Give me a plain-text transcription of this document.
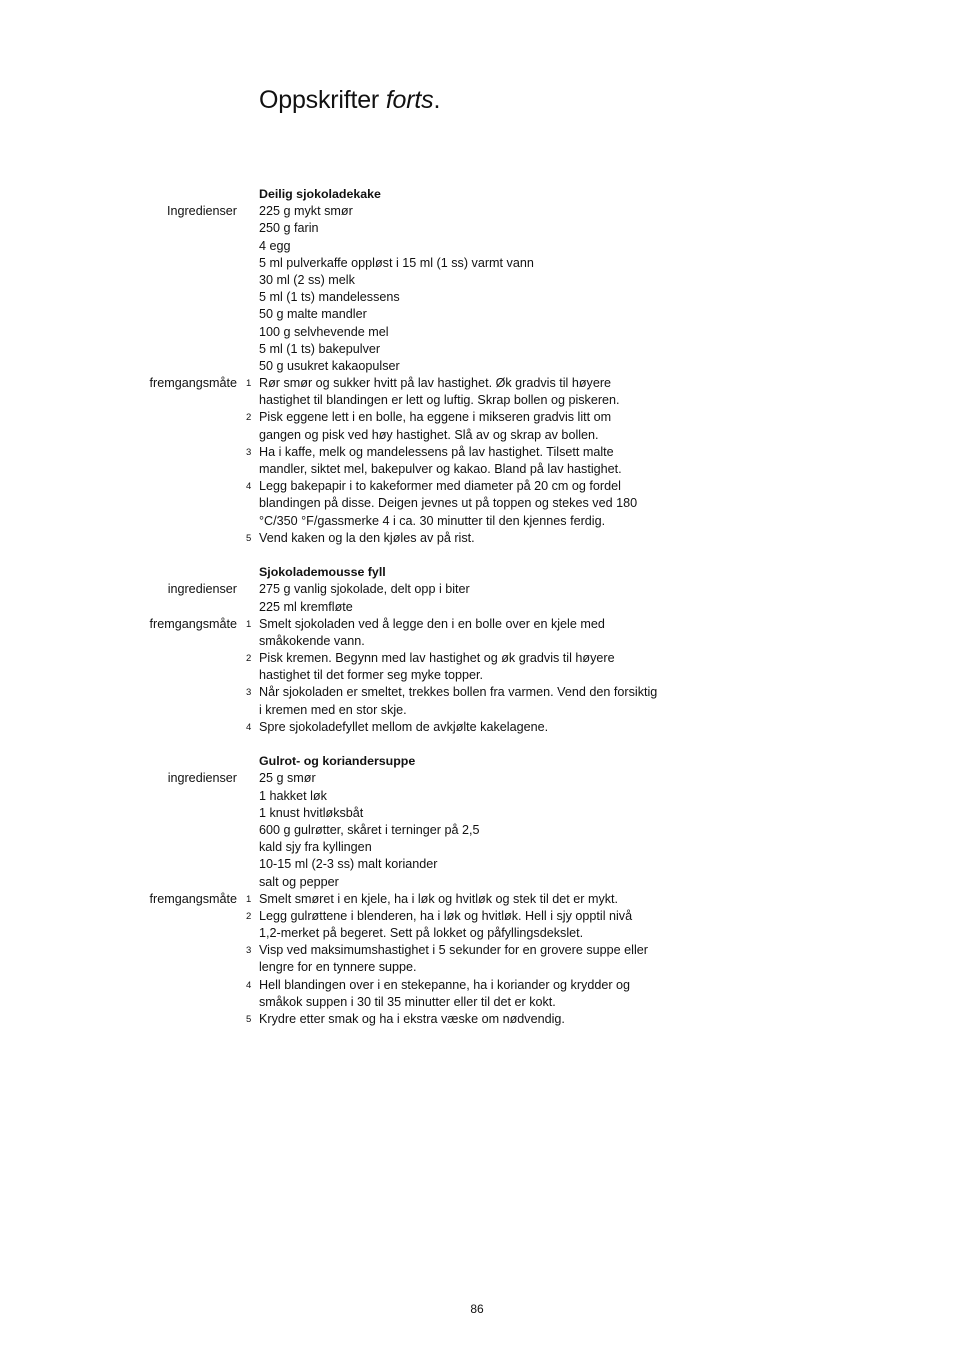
Oppskrifter forts.
Deilig sjokoladekake
Ingredienser 225 g mykt smør
250 g farin
4 egg
5 ml pulverkaffe oppløst i 15 ml (1 ss) varmt vann
30 ml (2 ss) melk
5 ml (1 ts) mandelessens
50 g malte mandler
100 g selvhevende mel
5 ml (1 ts) bakepulver
50 g usukret kakaopulser
fremgangsmåte 1 Rør smør og sukker hvitt på lav hastighet. Øk gradvis til høyere
hastighet til blandingen er lett og luftig. Skrap bollen og piskeren.
2 Pisk eggene lett i en bolle, ha eggene i mikseren gradvis litt om
gangen og pisk ved høy hastighet. Slå av og skrap av bollen.
3 Ha i kaffe, melk og mandelessens på lav hastighet. Tilsett malte
mandler, siktet mel, bakepulver og kakao. Bland på lav hastighet.
4 Legg bakepapir i to kakeformer med diameter på 20 cm og fordel
blandingen på disse. Deigen jevnes ut på toppen og stekes ved 180
°C/350 °F/gassmerke 4 i ca. 30 minutter til den kjennes ferdig.
5 Vend kaken og la den kjøles av på rist.
Sjokolademousse fyll
ingredienser 275 g vanlig sjokolade, delt opp i biter
225 ml kremfløte
fremgangsmåte 1 Smelt sjokoladen ved å legge den i en bolle over en kjele med
småkokende vann.
2 Pisk kremen. Begynn med lav hastighet og øk gradvis til høyere
hastighet til det former seg myke topper.
3 Når sjokoladen er smeltet, trekkes bollen fra varmen. Vend den forsiktig
i kremen med en stor skje.
4 Spre sjokoladefyllet mellom de avkjølte kakelagene.
Gulrot- og koriandersuppe
ingredienser 25 g smør
1 hakket løk
1 knust hvitløksbåt
600 g gulrøtter, skåret i terninger på 2,5
kald sjy fra kyllingen
10-15 ml (2-3 ss) malt koriander
salt og pepper
fremgangsmåte 1 Smelt smøret i en kjele, ha i løk og hvitløk og stek til det er mykt.
2 Legg gulrøttene i blenderen, ha i løk og hvitløk. Hell i sjy opptil nivå
1,2-merket på begeret. Sett på lokket og påfyllingsdekslet.
3 Visp ved maksimumshastighet i 5 sekunder for en grovere suppe eller
lengre for en tynnere suppe.
4 Hell blandingen over i en stekepanne, ha i koriander og krydder og
småkok suppen i 30 til 35 minutter eller til det er kokt.
5 Krydre etter smak og ha i ekstra væske om nødvendig.
86
